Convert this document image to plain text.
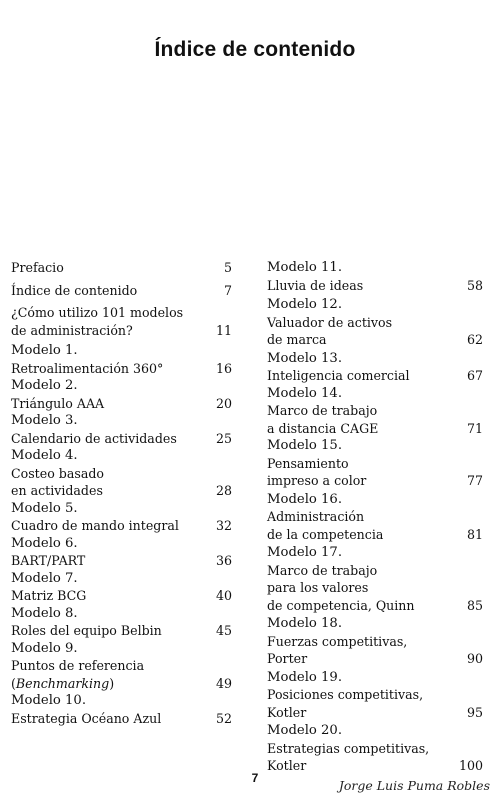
Índice de contenido
Prefacio	5
Índice de contenido	7
¿Cómo utilizo 101 modelos
de administración?	11
Modelo 1.
Retroalimentación 360°	16
Modelo 2.
Triángulo AAA	20
Modelo 3.
Calendario de actividades	25
Modelo 4.
Costeo basado
en actividades	28
Modelo 5.
Cuadro de mando integral	32
Modelo 6.
BART/PART	36
Modelo 7.
Matriz BCG	40
Modelo 8.
Roles del equipo Belbin	45
Modelo 9.
Puntos de referencia
(Benchmarking)	49
Modelo 10.
Estrategia Océano Azul	52
Modelo 11.
Lluvia de ideas	58
Modelo 12.
Valuador de activos
de marca	62
Modelo 13.
Inteligencia comercial	67
Modelo 14.
Marco de trabajo
a distancia CAGE	71
Modelo 15.
Pensamiento
impreso a color	77
Modelo 16.
Administración
de la competencia	81
Modelo 17.
Marco de trabajo
para los valores
de competencia, Quinn	85
Modelo 18.
Fuerzas competitivas,
Porter	90
Modelo 19.
Posiciones competitivas,
Kotler	95
Modelo 20.
Estrategias competitivas,
Kotler	100
7	Jorge Luis Puma Robles
